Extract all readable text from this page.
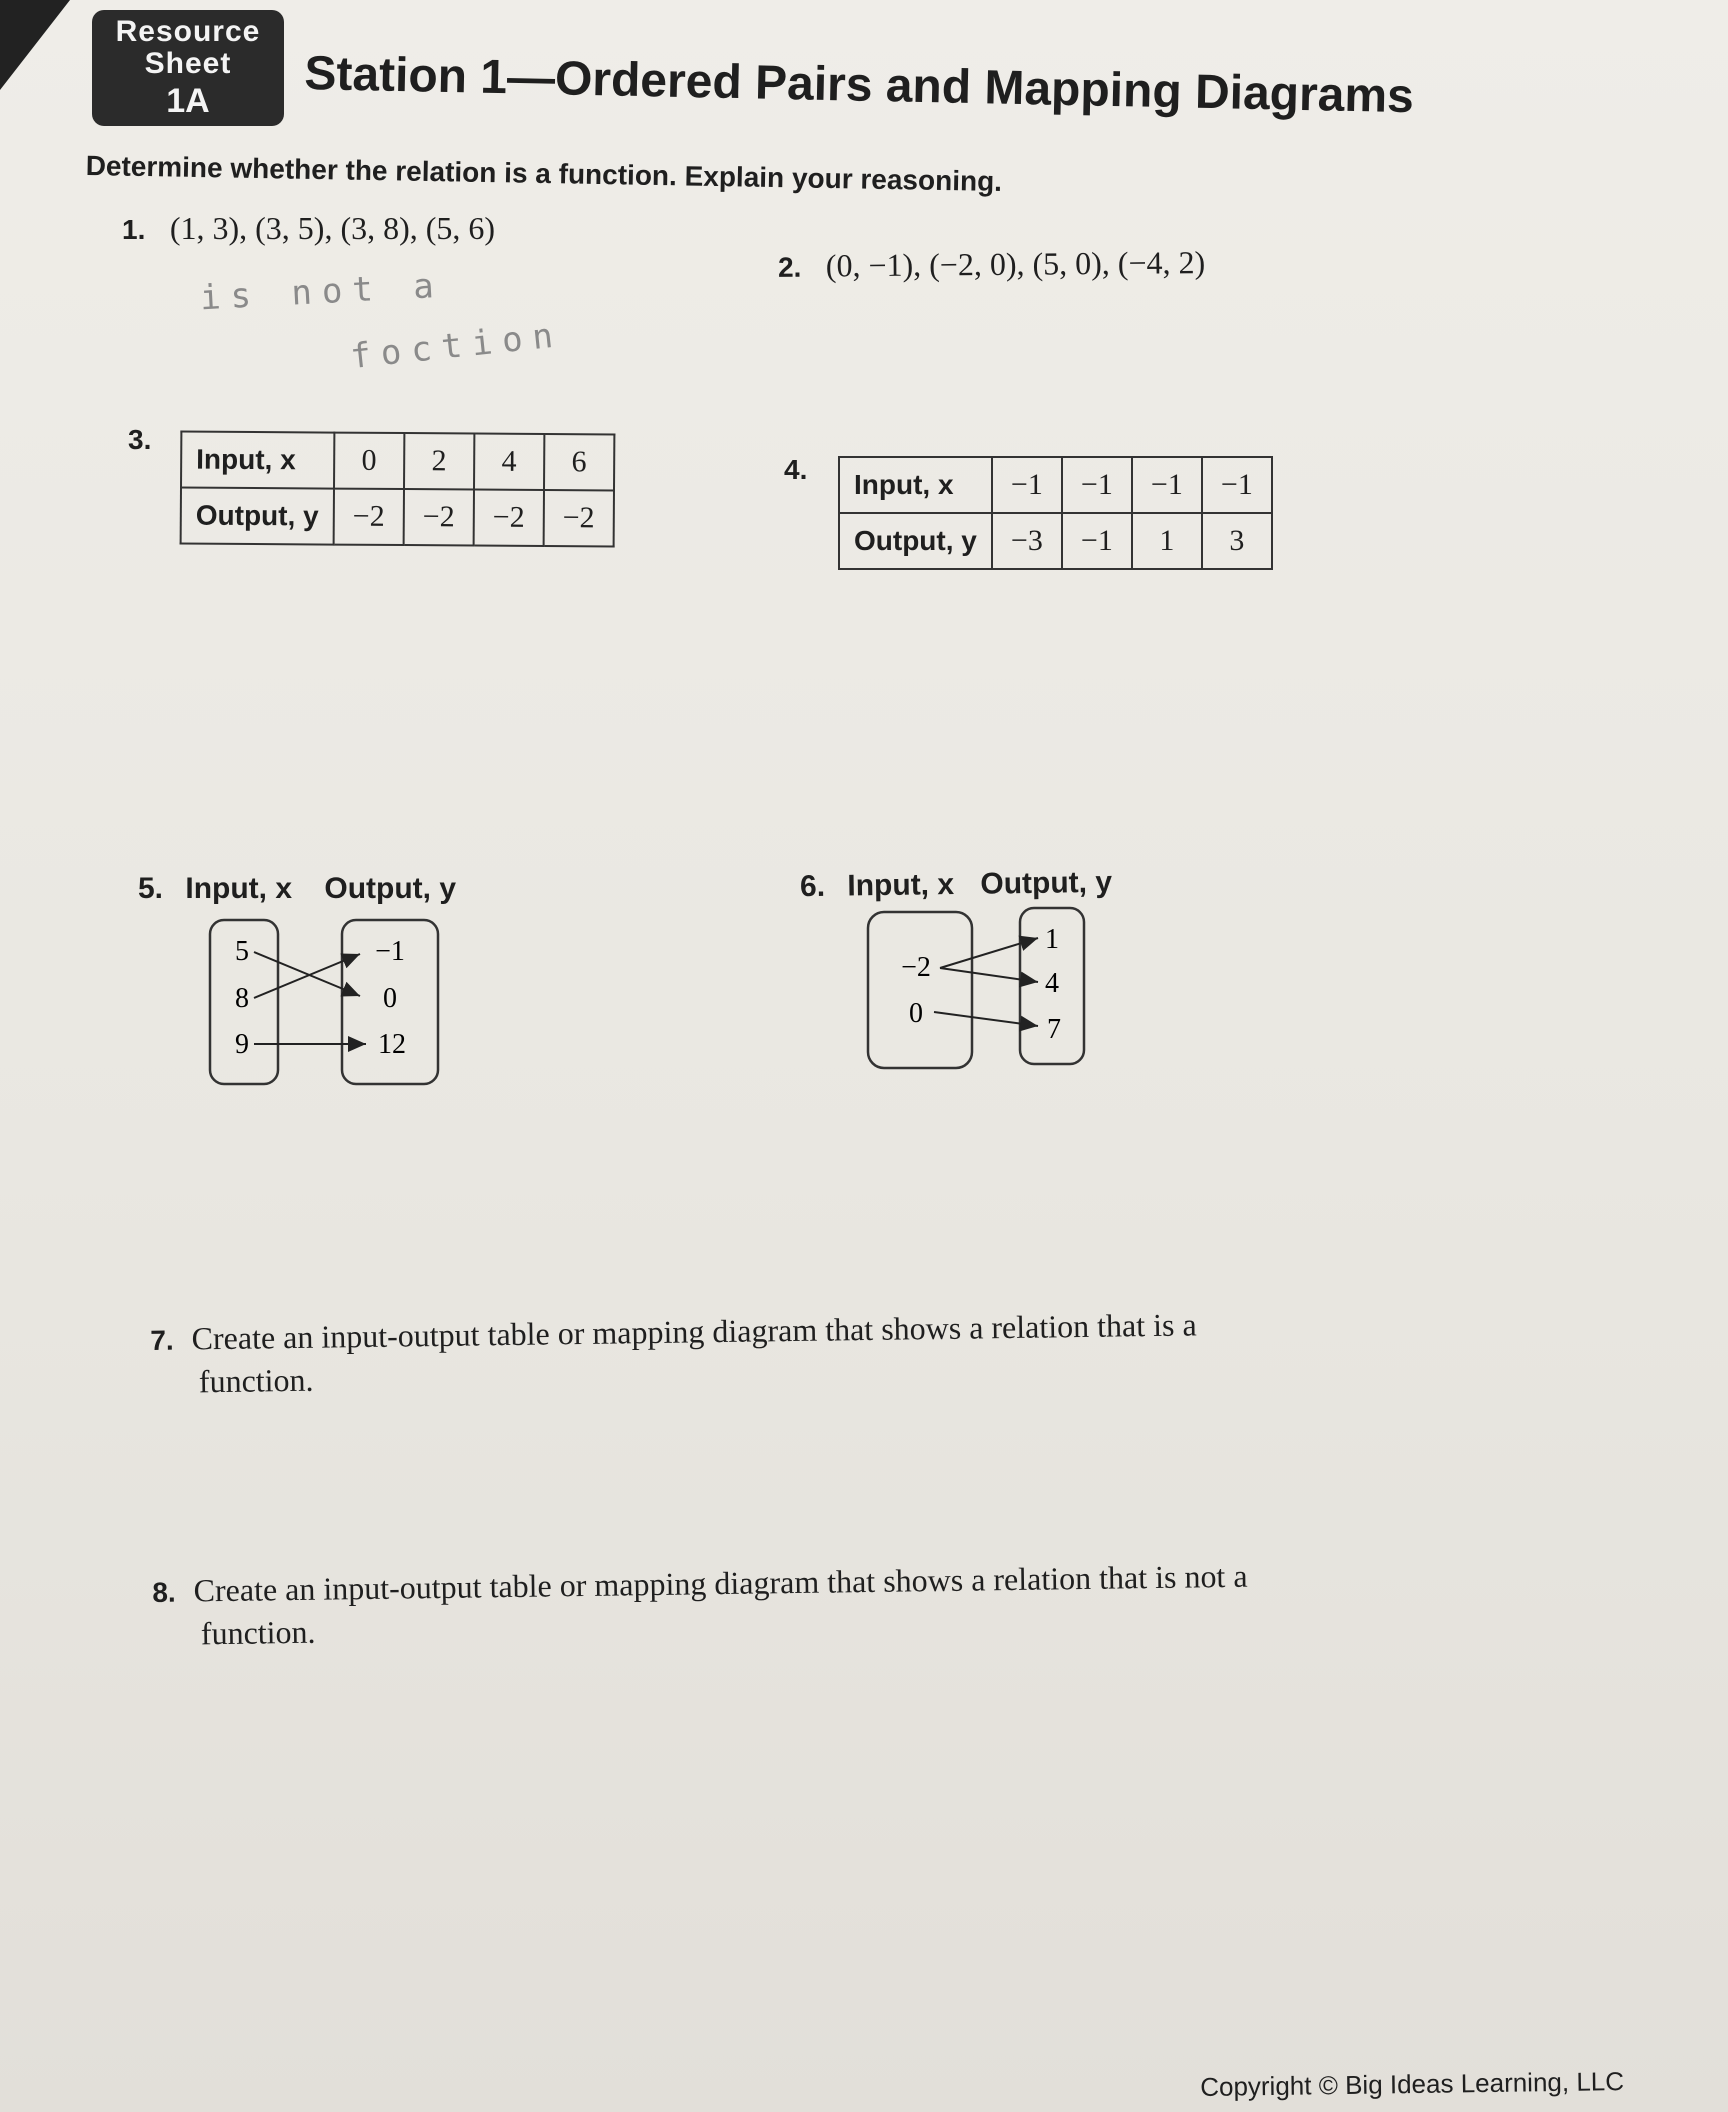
Resource
Sheet
1A	Station 1—Ordered Pairs and Mapping Diagrams
Determine whether the relation is a function. Explain your reasoning.
1. (1, 3), (3, 5), (3, 8), (5, 6)
is not a
foction
2. (0, −1), (−2, 0), (5, 0), (−4, 2)
3.
Input, x	0	2	4	6
Output, y	−2	−2	−2	−2
4. Input, x	−1	−1	−1	−1
Output, y	−3	−1	1	3
5. Input, x Output, y
5
8
9
−1
0
12
6. Input, x Output, y
−2
0
1
4
7
7. Create an input-output table or mapping diagram that shows a relation that is a
function.
8. Create an input-output table or mapping diagram that shows a relation that is not a
function.
Copyright © Big Ideas Learning, LLC
